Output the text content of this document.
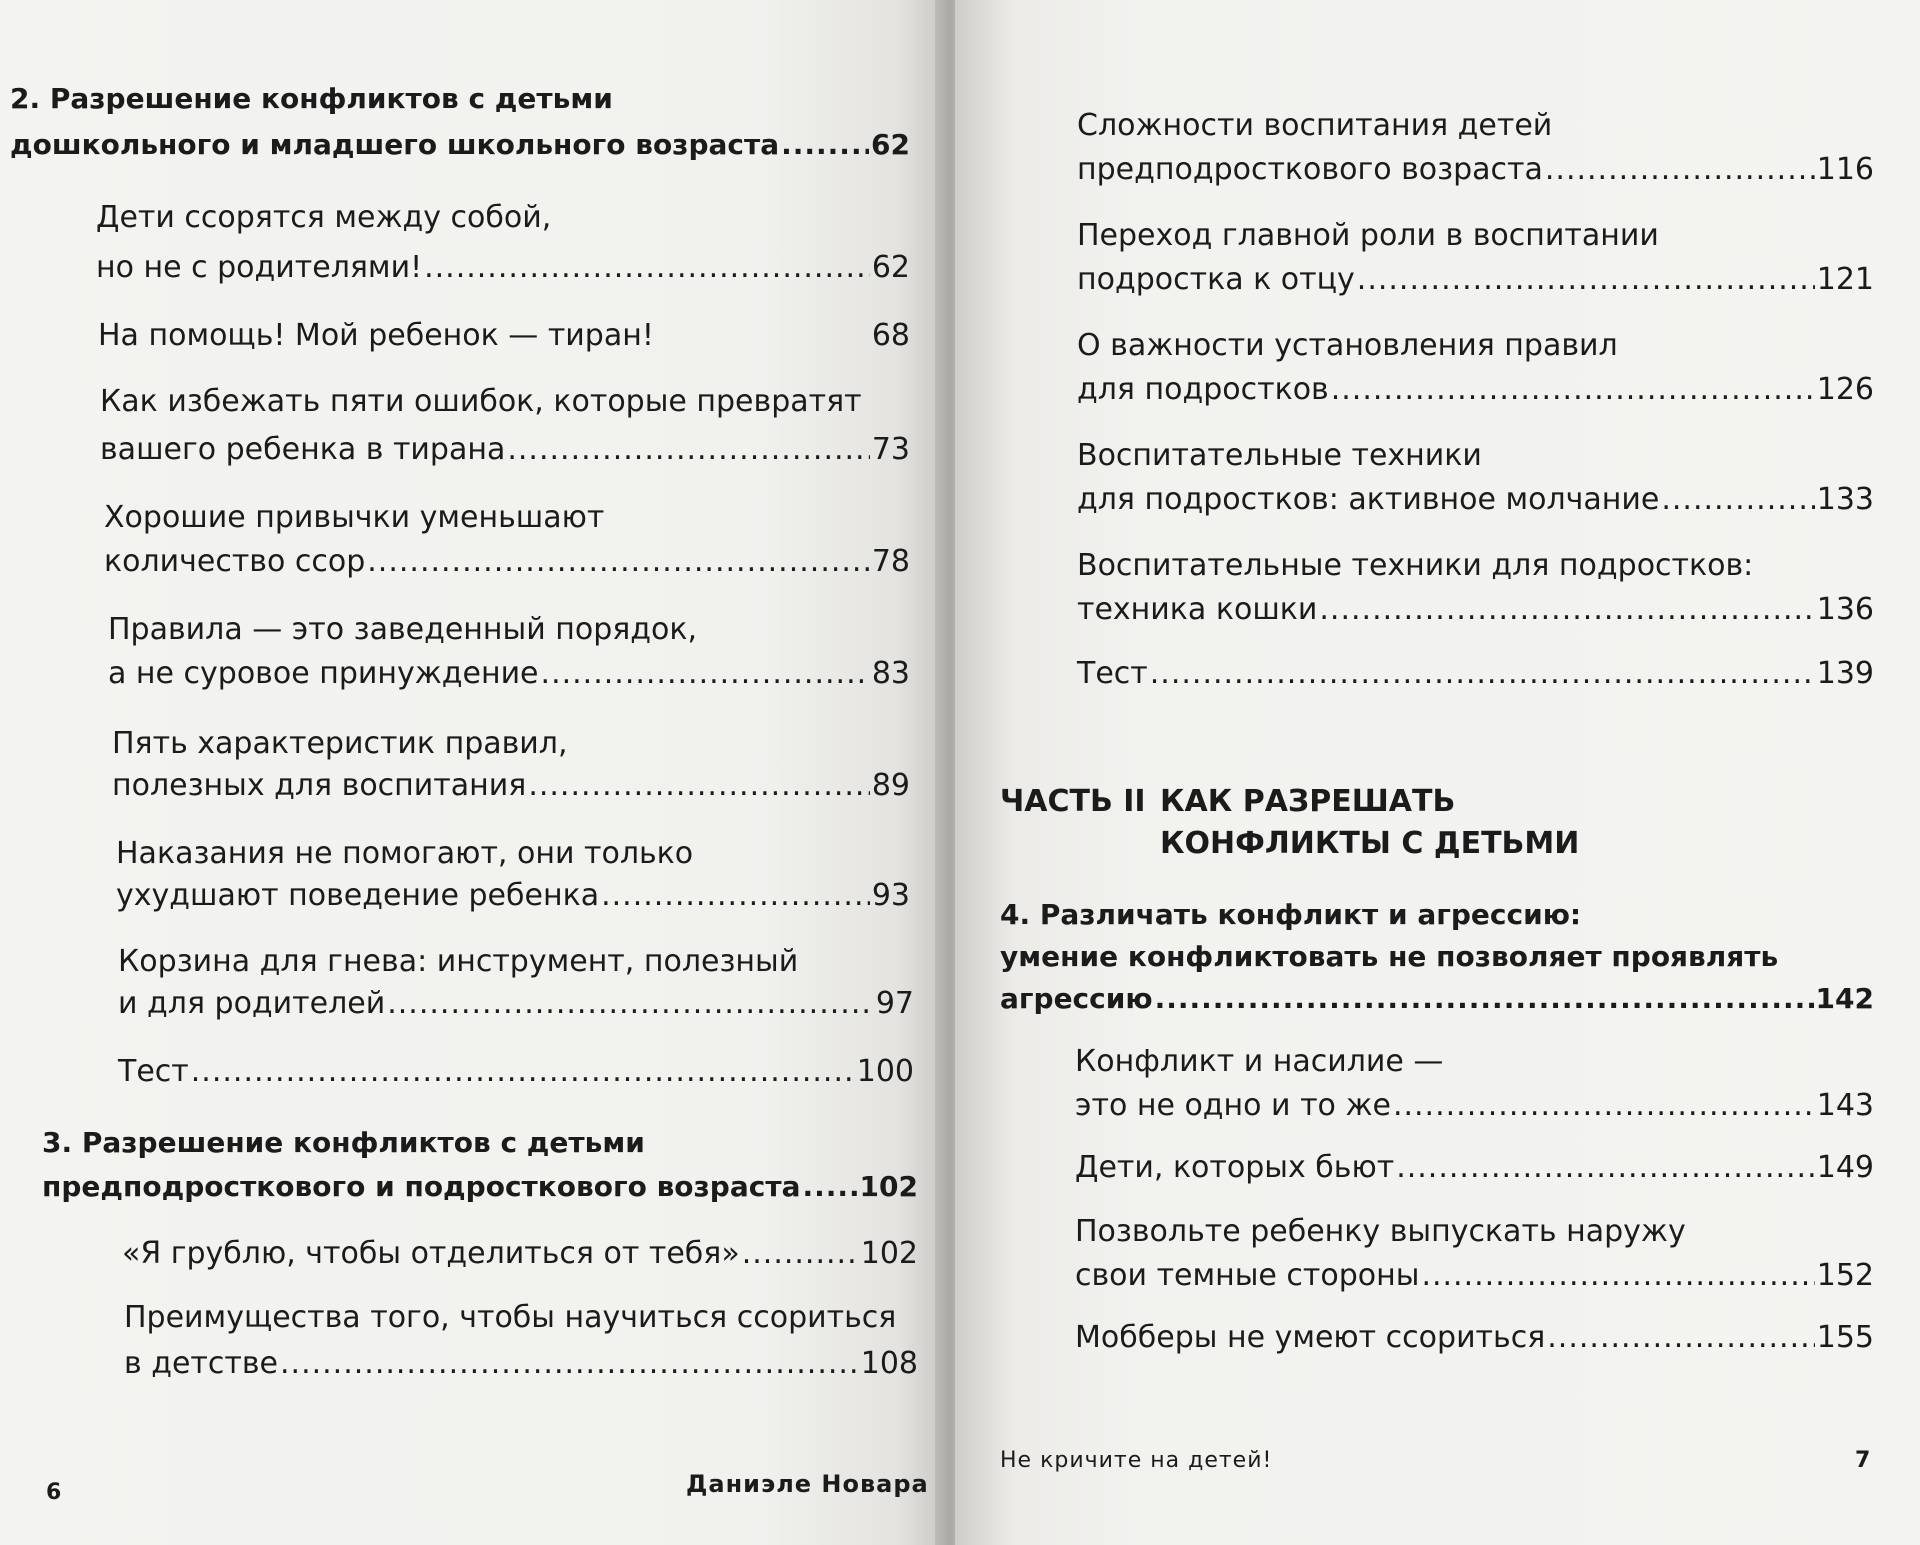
2. Разрешение конфликтов с детьми
дошкольного и младшего школьного возраста .....	62
Дети ссорятся между собой,
но не с родителями! .....	62
На помощь! Мой ребенок — тиран!	68
Как избежать пяти ошибок, которые превратят
вашего ребенка в тирана .....	73
Хорошие привычки уменьшают
количество ссор .....	78
Правила — это заведенный порядок,
а не суровое принуждение .....	83
Пять характеристик правил,
полезных для воспитания .....	89
Наказания не помогают, они только
ухудшают поведение ребенка .....	93
Корзина для гнева: инструмент, полезный
и для родителей .....	97
Тест .....	100
3. Разрешение конфликтов с детьми
предподросткового и подросткового возраста ..... 102
«Я грублю, чтобы отделиться от тебя» .....	102
Преимущества того, чтобы научиться ссориться
в детстве .....	108
6	Даниэле Новара
Сложности воспитания детей
предподросткового возраста .....	116
Переход главной роли в воспитании
подростка к отцу .....	121
О важности установления правил
для подростков .....	126
Воспитательные техники
для подростков: активное молчание .....	133
Воспитательные техники для подростков:
техника кошки .....	136
Тест .....	139
ЧАСТЬ II КАК РАЗРЕШАТЬ
КОНФЛИКТЫ С ДЕТЬМИ
4. Различать конфликт и агрессию:
умение конфликтовать не позволяет проявлять
агрессию .....	142
Конфликт и насилие —
это не одно и то же .....	143
Дети, которых бьют .....	149
Позвольте ребенку выпускать наружу
свои темные стороны .....	152
Мобберы не умеют ссориться .....	155
Не кричите на детей!	7
